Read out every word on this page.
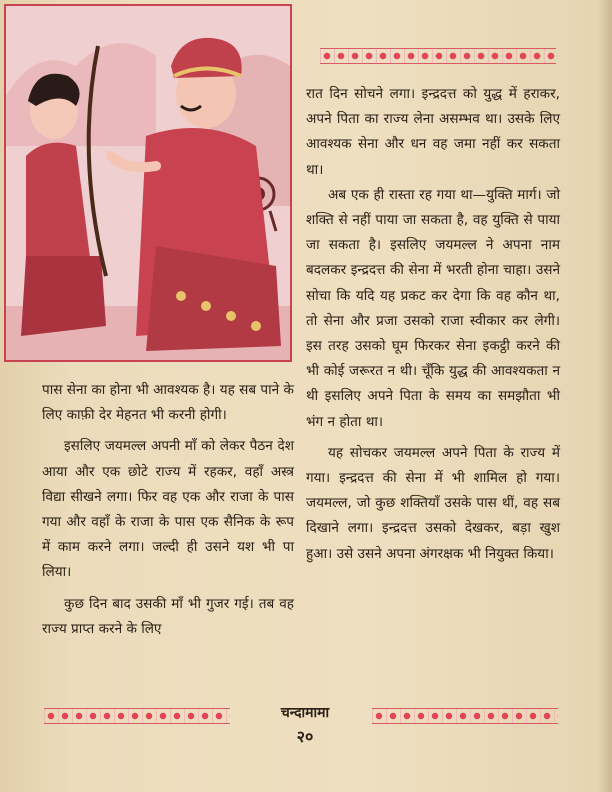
रात दिन सोचने लगा। इन्द्रदत्त को युद्ध में हराकर, अपने पिता का राज्य लेना असम्भव था। उसके लिए आवश्यक सेना और धन वह जमा नहीं कर सकता था।

अब एक ही रास्ता रह गया था—युक्ति मार्ग। जो शक्ति से नहीं पाया जा सकता है, वह युक्ति से पाया जा सकता है। इसलिए जयमल्ल ने अपना नाम बदलकर इन्द्रदत्त की सेना में भरती होना चाहा। उसने सोचा कि यदि यह प्रकट कर देगा कि वह कौन था, तो सेना और प्रजा उसको राजा स्वीकार कर लेगी। इस तरह उसको घूम फिरकर सेना इकट्ठी करने की भी कोई जरूरत न थी। चूँकि युद्ध की आवश्यकता न थी इसलिए अपने पिता के समय का समझौता भी भंग न होता था।

यह सोचकर जयमल्ल अपने पिता के राज्य में गया। इन्द्रदत्त की सेना में भी शामिल हो गया। जयमल्ल, जो कुछ शक्तियाँ उसके पास थीं, वह सब दिखाने लगा। इन्द्रदत्त उसको देखकर, बड़ा खुश हुआ। उसे उसने अपना अंगरक्षक भी नियुक्त किया।

पास सेना का होना भी आवश्यक है। यह सब पाने के लिए काफ़ी देर मेहनत भी करनी होगी।

इसलिए जयमल्ल अपनी माँ को लेकर पैठन देश आया और एक छोटे राज्य में रहकर, वहाँ अस्त्र विद्या सीखने लगा। फिर वह एक और राजा के पास गया और वहाँ के राजा के पास एक सैनिक के रूप में काम करने लगा। जल्दी ही उसने यश भी पा लिया।

कुछ दिन बाद उसकी माँ भी गुजर गई। तब वह राज्य प्राप्त करने के लिए

चन्दामामा
२०
